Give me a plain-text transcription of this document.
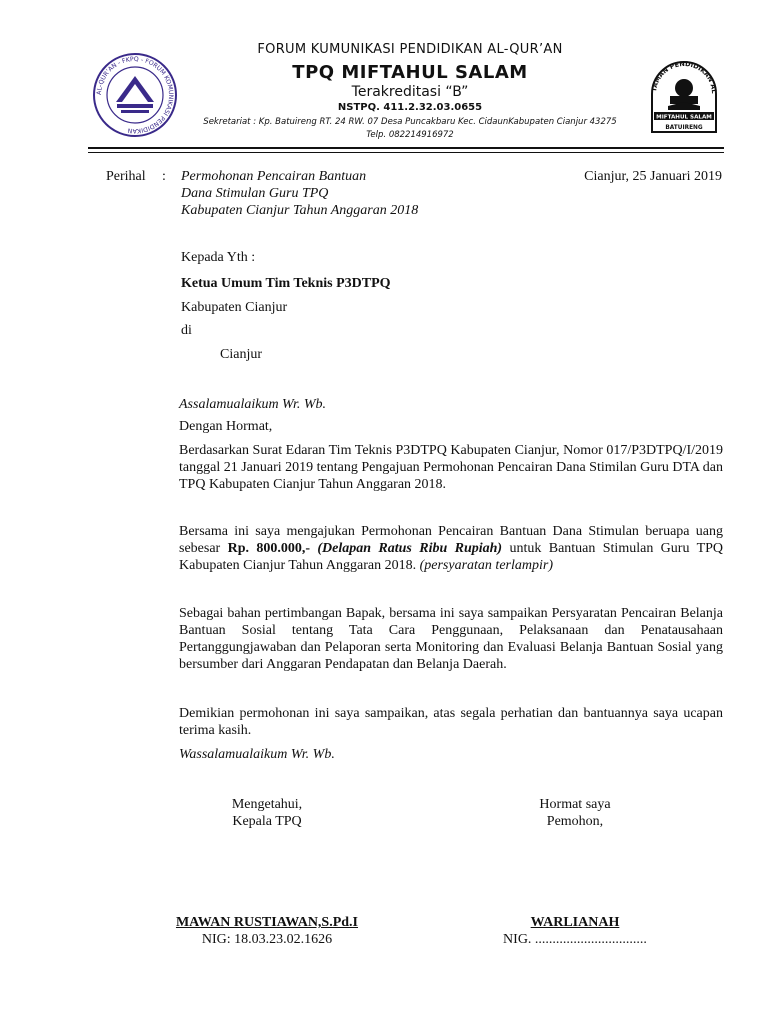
AL-QUR’AN - FKPQ - FORUM KOMUNIKASI PENDIDIKAN
TAMAN PENDIDIKAN AL
MIFTAHUL SALAM
BATUIRENG
FORUM KUMUNIKASI PENDIDIKAN AL-QUR’AN
TPQ MIFTAHUL SALAM
Terakreditasi “B”
NSTPQ. 411.2.32.03.0655
Sekretariat : Kp. Batuireng RT. 24 RW. 07 Desa Puncakbaru Kec. CidaunKabupaten Cianjur 43275
Telp. 082214916972
Perihal : Permohonan Pencairan Bantuan
Dana Stimulan Guru TPQ
Kabupaten Cianjur Tahun Anggaran 2018
Cianjur, 25 Januari 2019
Kepada Yth :
Ketua Umum Tim Teknis P3DTPQ
Kabupaten Cianjur
di
Cianjur
Assalamualaikum Wr. Wb.
Dengan Hormat,
Berdasarkan Surat Edaran Tim Teknis P3DTPQ Kabupaten Cianjur, Nomor 017/P3DTPQ/I/2019 tanggal 21 Januari 2019 tentang Pengajuan Permohonan Pencairan Dana Stimilan Guru DTA dan TPQ Kabupaten Cianjur Tahun Anggaran 2018.
Bersama ini saya mengajukan Permohonan Pencairan Bantuan Dana Stimulan beruapa uang sebesar Rp. 800.000,- (Delapan Ratus Ribu Rupiah) untuk Bantuan Stimulan Guru TPQ Kabupaten Cianjur Tahun Anggaran 2018. (persyaratan terlampir)
Sebagai bahan pertimbangan Bapak, bersama ini saya sampaikan Persyaratan Pencairan Belanja Bantuan Sosial tentang Tata Cara Penggunaan, Pelaksanaan dan Penatausahaan Pertanggungjawaban dan Pelaporan serta Monitoring dan Evaluasi Belanja Bantuan Sosial yang bersumber dari Anggaran Pendapatan dan Belanja Daerah.
Demikian permohonan ini saya sampaikan, atas segala perhatian dan bantuannya saya ucapan terima kasih.
Wassalamualaikum Wr. Wb.
Mengetahui,
Kepala TPQ
Hormat saya
Pemohon,
MAWAN RUSTIAWAN,S.Pd.I
NIG: 18.03.23.02.1626
WARLIANAH
NIG. ................................
